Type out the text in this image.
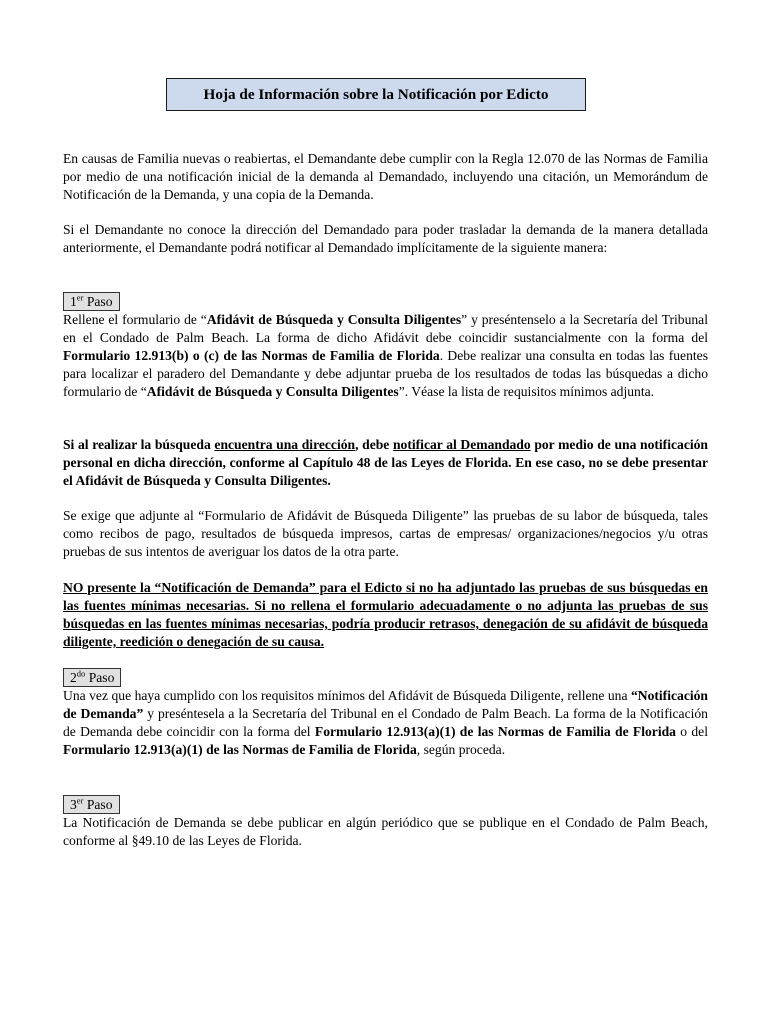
Hoja de Información sobre la Notificación por Edicto

En causas de Familia nuevas o reabiertas, el Demandante debe cumplir con la Regla 12.070 de las Normas de Familia por medio de una notificación inicial de la demanda al Demandado, incluyendo una citación, un Memorándum de Notificación de la Demanda, y una copia de la Demanda.

Si el Demandante no conoce la dirección del Demandado para poder trasladar la demanda de la manera detallada anteriormente, el Demandante podrá notificar al Demandado implícitamente de la siguiente manera:

1er Paso

Rellene el formulario de “Afidávit de Búsqueda y Consulta Diligentes” y preséntenselo a la Secretaría del Tribunal en el Condado de Palm Beach. La forma de dicho Afidávit debe coincidir sustancialmente con la forma del Formulario 12.913(b) o (c) de las Normas de Familia de Florida. Debe realizar una consulta en todas las fuentes para localizar el paradero del Demandante y debe adjuntar prueba de los resultados de todas las búsquedas a dicho formulario de “Afidávit de Búsqueda y Consulta Diligentes”. Véase la lista de requisitos mínimos adjunta.

Si al realizar la búsqueda encuentra una dirección, debe notificar al Demandado por medio de una notificación personal en dicha dirección, conforme al Capítulo 48 de las Leyes de Florida. En ese caso, no se debe presentar el Afidávit de Búsqueda y Consulta Diligentes.

Se exige que adjunte al “Formulario de Afidávit de Búsqueda Diligente” las pruebas de su labor de búsqueda, tales como recibos de pago, resultados de búsqueda impresos, cartas de empresas/ organizaciones/negocios y/u otras pruebas de sus intentos de averiguar los datos de la otra parte.

NO presente la “Notificación de Demanda” para el Edicto si no ha adjuntado las pruebas de sus búsquedas en las fuentes mínimas necesarias. Si no rellena el formulario adecuadamente o no adjunta las pruebas de sus búsquedas en las fuentes mínimas necesarias, podría producir retrasos, denegación de su afidávit de búsqueda diligente, reedición o denegación de su causa.

$2^{do}$ Paso

Una vez que haya cumplido con los requisitos mínimos del Afidávit de Búsqueda Diligente, rellene una “Notificación de Demanda” y preséntesela a la Secretaría del Tribunal en el Condado de Palm Beach. La forma de la Notificación de Demanda debe coincidir con la forma del Formulario 12.913(a)(1) de las Normas de Familia de Florida o del Formulario 12.913(a)(1) de las Normas de Familia de Florida, según proceda.

3er Paso

La Notificación de Demanda se debe publicar en algún periódico que se publique en el Condado de Palm Beach, conforme al §49.10 de las Leyes de Florida.
